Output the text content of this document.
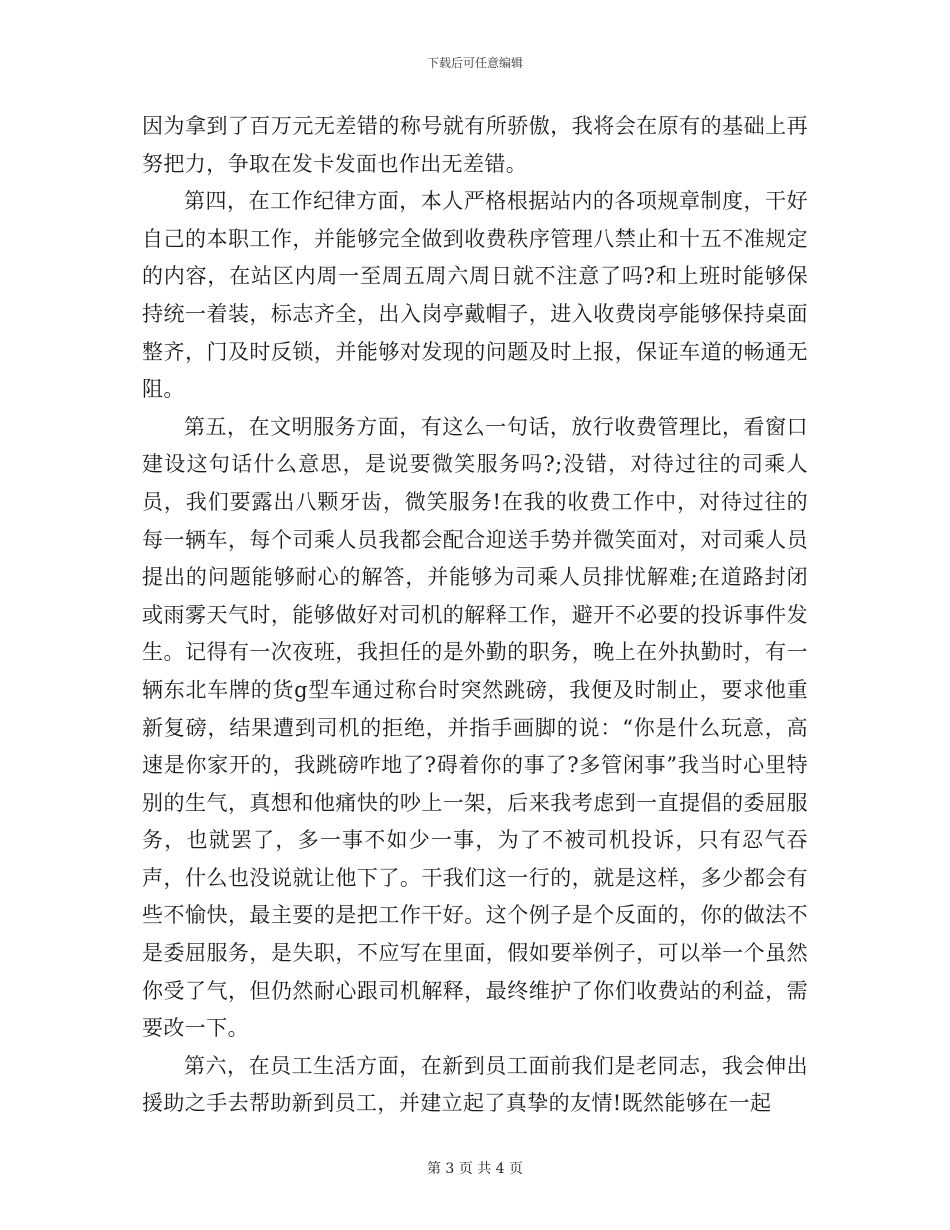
下载后可任意编辑

因为拿到了百万元无差错的称号就有所骄傲，我将会在原有的基础上再努把力，争取在发卡发面也作出无差错。

第四，在工作纪律方面，本人严格根据站内的各项规章制度，干好自己的本职工作，并能够完全做到收费秩序管理八禁止和十五不准规定的内容，在站区内周一至周五周六周日就不注意了吗?和上班时能够保持统一着装，标志齐全，出入岗亭戴帽子，进入收费岗亭能够保持桌面整齐，门及时反锁，并能够对发现的问题及时上报，保证车道的畅通无阻。

第五，在文明服务方面，有这么一句话，放行收费管理比，看窗口建设这句话什么意思，是说要微笑服务吗?;没错，对待过往的司乘人员，我们要露出八颗牙齿，微笑服务!在我的收费工作中，对待过往的每一辆车，每个司乘人员我都会配合迎送手势并微笑面对，对司乘人员提出的问题能够耐心的解答，并能够为司乘人员排忧解难;在道路封闭或雨雾天气时，能够做好对司机的解释工作，避开不必要的投诉事件发生。记得有一次夜班，我担任的是外勤的职务，晚上在外执勤时，有一辆东北车牌的货g型车通过称台时突然跳磅，我便及时制止，要求他重新复磅，结果遭到司机的拒绝，并指手画脚的说：“你是什么玩意，高速是你家开的，我跳磅咋地了?碍着你的事了?多管闲事”我当时心里特别的生气，真想和他痛快的吵上一架，后来我考虑到一直提倡的委屈服务，也就罢了，多一事不如少一事，为了不被司机投诉，只有忍气吞声，什么也没说就让他下了。干我们这一行的，就是这样，多少都会有些不愉快，最主要的是把工作干好。这个例子是个反面的，你的做法不是委屈服务，是失职，不应写在里面，假如要举例子，可以举一个虽然你受了气，但仍然耐心跟司机解释，最终维护了你们收费站的利益，需要改一下。

第六，在员工生活方面，在新到员工面前我们是老同志，我会伸出援助之手去帮助新到员工，并建立起了真挚的友情!既然能够在一起

第 3 页 共 4 页
